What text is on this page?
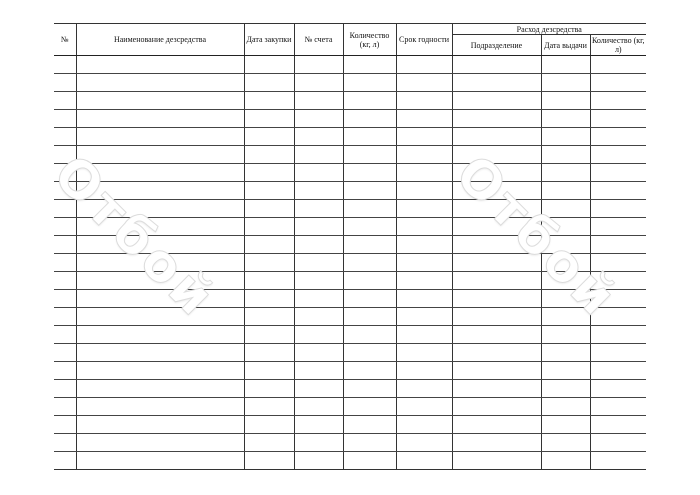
№	Наименование дезсредства	Дата закупки	№ счета	Количество (кг, л)	Срок годности	Расход дезсредства		
						Подразделение	Дата выдачи	Количество (кг, л)

Отбой	Отбой
